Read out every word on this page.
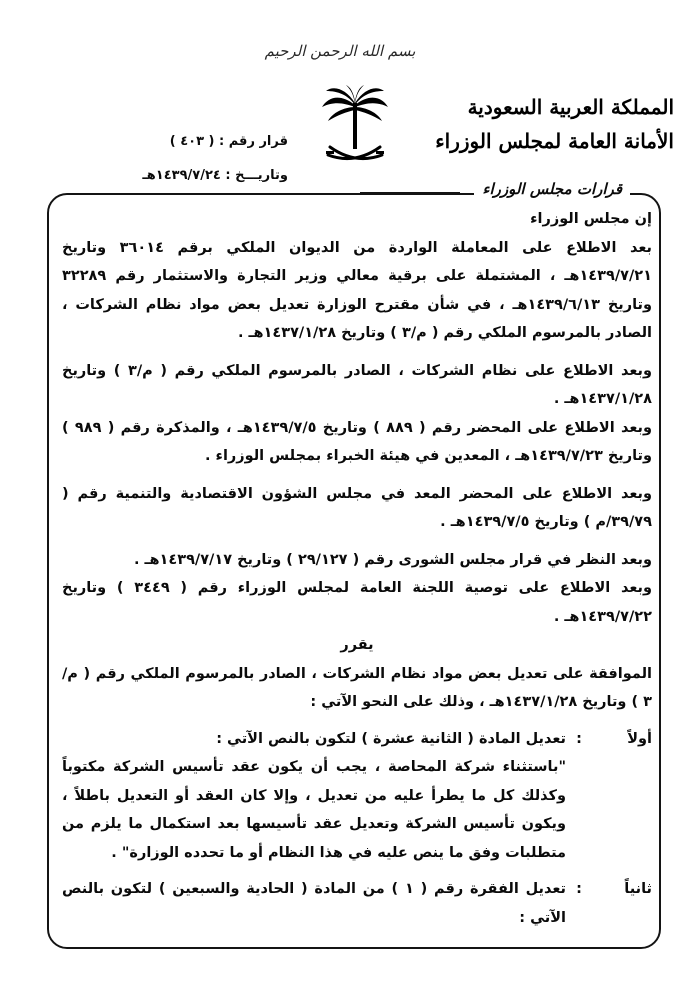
بسم الله الرحمن الرحيم
المملكة العربية السعودية
الأمانة العامة لمجلس الوزراء
قرار رقم : ( ٤٠٣ )
وتاريـــخ : ١٤٣٩/٧/٢٤هـ
قرارات مجلس الوزراء

إن مجلس الوزراء

بعد الاطلاع على المعاملة الواردة من الديوان الملكي برقم ٣٦٠١٤ وتاريخ ١٤٣٩/٧/٢١هـ ، المشتملة على برقية معالي وزير التجارة والاستثمار رقم ٣٢٢٨٩ وتاريخ ١٤٣٩/٦/١٣هـ ، في شأن مقترح الوزارة تعديل بعض مواد نظام الشركات ، الصادر بالمرسوم الملكي رقم ( م/٣ ) وتاريخ ١٤٣٧/١/٢٨هـ .

وبعد الاطلاع على نظام الشركات ، الصادر بالمرسوم الملكي رقم ( م/٣ ) وتاريخ ١٤٣٧/١/٢٨هـ .

وبعد الاطلاع على المحضر رقم ( ٨٨٩ ) وتاريخ ١٤٣٩/٧/٥هـ ، والمذكرة رقم ( ٩٨٩ ) وتاريخ ١٤٣٩/٧/٢٣هـ ، المعدين في هيئة الخبراء بمجلس الوزراء .

وبعد الاطلاع على المحضر المعد في مجلس الشؤون الاقتصادية والتنمية رقم ( ٣٩/٧٩/م ) وتاريخ ١٤٣٩/٧/٥هـ .

وبعد النظر في قرار مجلس الشورى رقم ( ٢٩/١٢٧ ) وتاريخ ١٤٣٩/٧/١٧هـ .

وبعد الاطلاع على توصية اللجنة العامة لمجلس الوزراء رقم ( ٣٤٤٩ ) وتاريخ ١٤٣٩/٧/٢٢هـ .

يقرر

الموافقة على تعديل بعض مواد نظام الشركات ، الصادر بالمرسوم الملكي رقم ( م/٣ ) وتاريخ ١٤٣٧/١/٢٨هـ ، وذلك على النحو الآتي :

أولاً
:
تعديل المادة ( الثانية عشرة ) لتكون بالنص الآتي :

"باستثناء شركة المحاصة ، يجب أن يكون عقد تأسيس الشركة مكتوباً وكذلك كل ما يطرأ عليه من تعديل ، وإلا كان العقد أو التعديل باطلاً ، ويكون تأسيس الشركة وتعديل عقد تأسيسها بعد استكمال ما يلزم من متطلبات وفق ما ينص عليه في هذا النظام أو ما تحدده الوزارة" .

ثانياً
:
تعديل الفقرة رقم ( ١ ) من المادة ( الحادية والسبعين ) لتكون بالنص الآتي :
